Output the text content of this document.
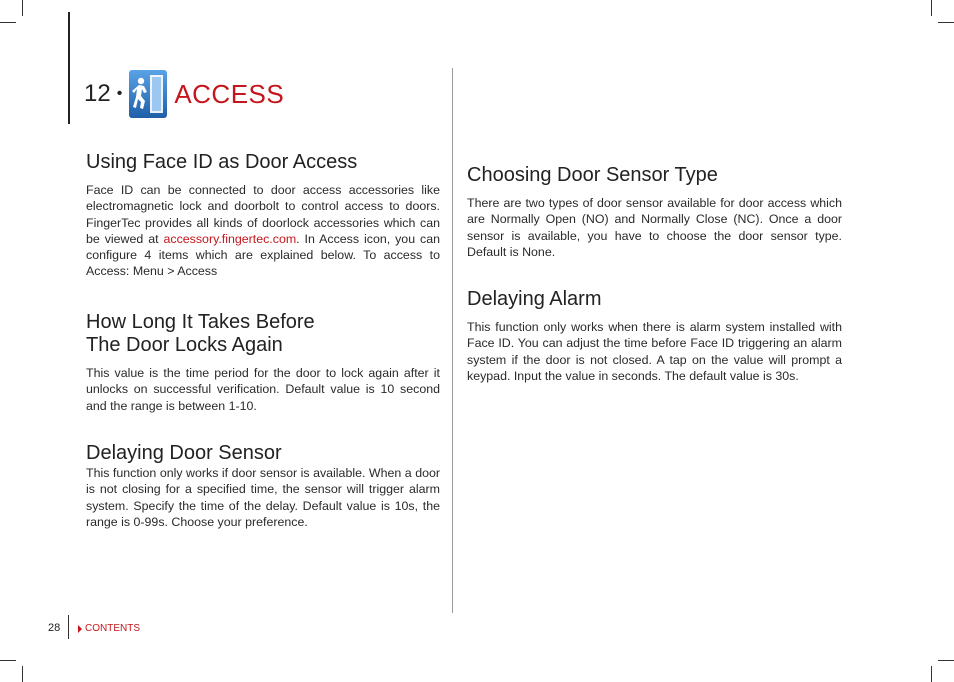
12 • ACCESS
Using Face ID as Door Access

Face ID can be connected to door access accessories like electromagnetic lock and doorbolt to control access to doors. FingerTec provides all kinds of doorlock accessories which can be viewed at accessory.fingertec.com. In Access icon, you can configure 4 items which are explained below. To access to Access: Menu > Access

How Long It Takes Before
The Door Locks Again

This value is the time period for the door to lock again after it unlocks on successful verification. Default value is 10 second and the range is between 1-10.

Delaying Door Sensor

This function only works if door sensor is available. When a door is not closing for a specified time, the sensor will trigger alarm system. Specify the time of the delay. Default value is 10s, the range is 0-99s. Choose your preference.

Choosing Door Sensor Type

There are two types of door sensor available for door access which are Normally Open (NO) and Normally Close (NC). Once a door sensor is available, you have to choose the door sensor type. Default is None.

Delaying Alarm

This function only works when there is alarm system installed with Face ID. You can adjust the time before Face ID triggering an alarm system if the door is not closed. A tap on the value will prompt a keypad. Input the value in seconds. The default value is 30s.

28 CONTENTS
